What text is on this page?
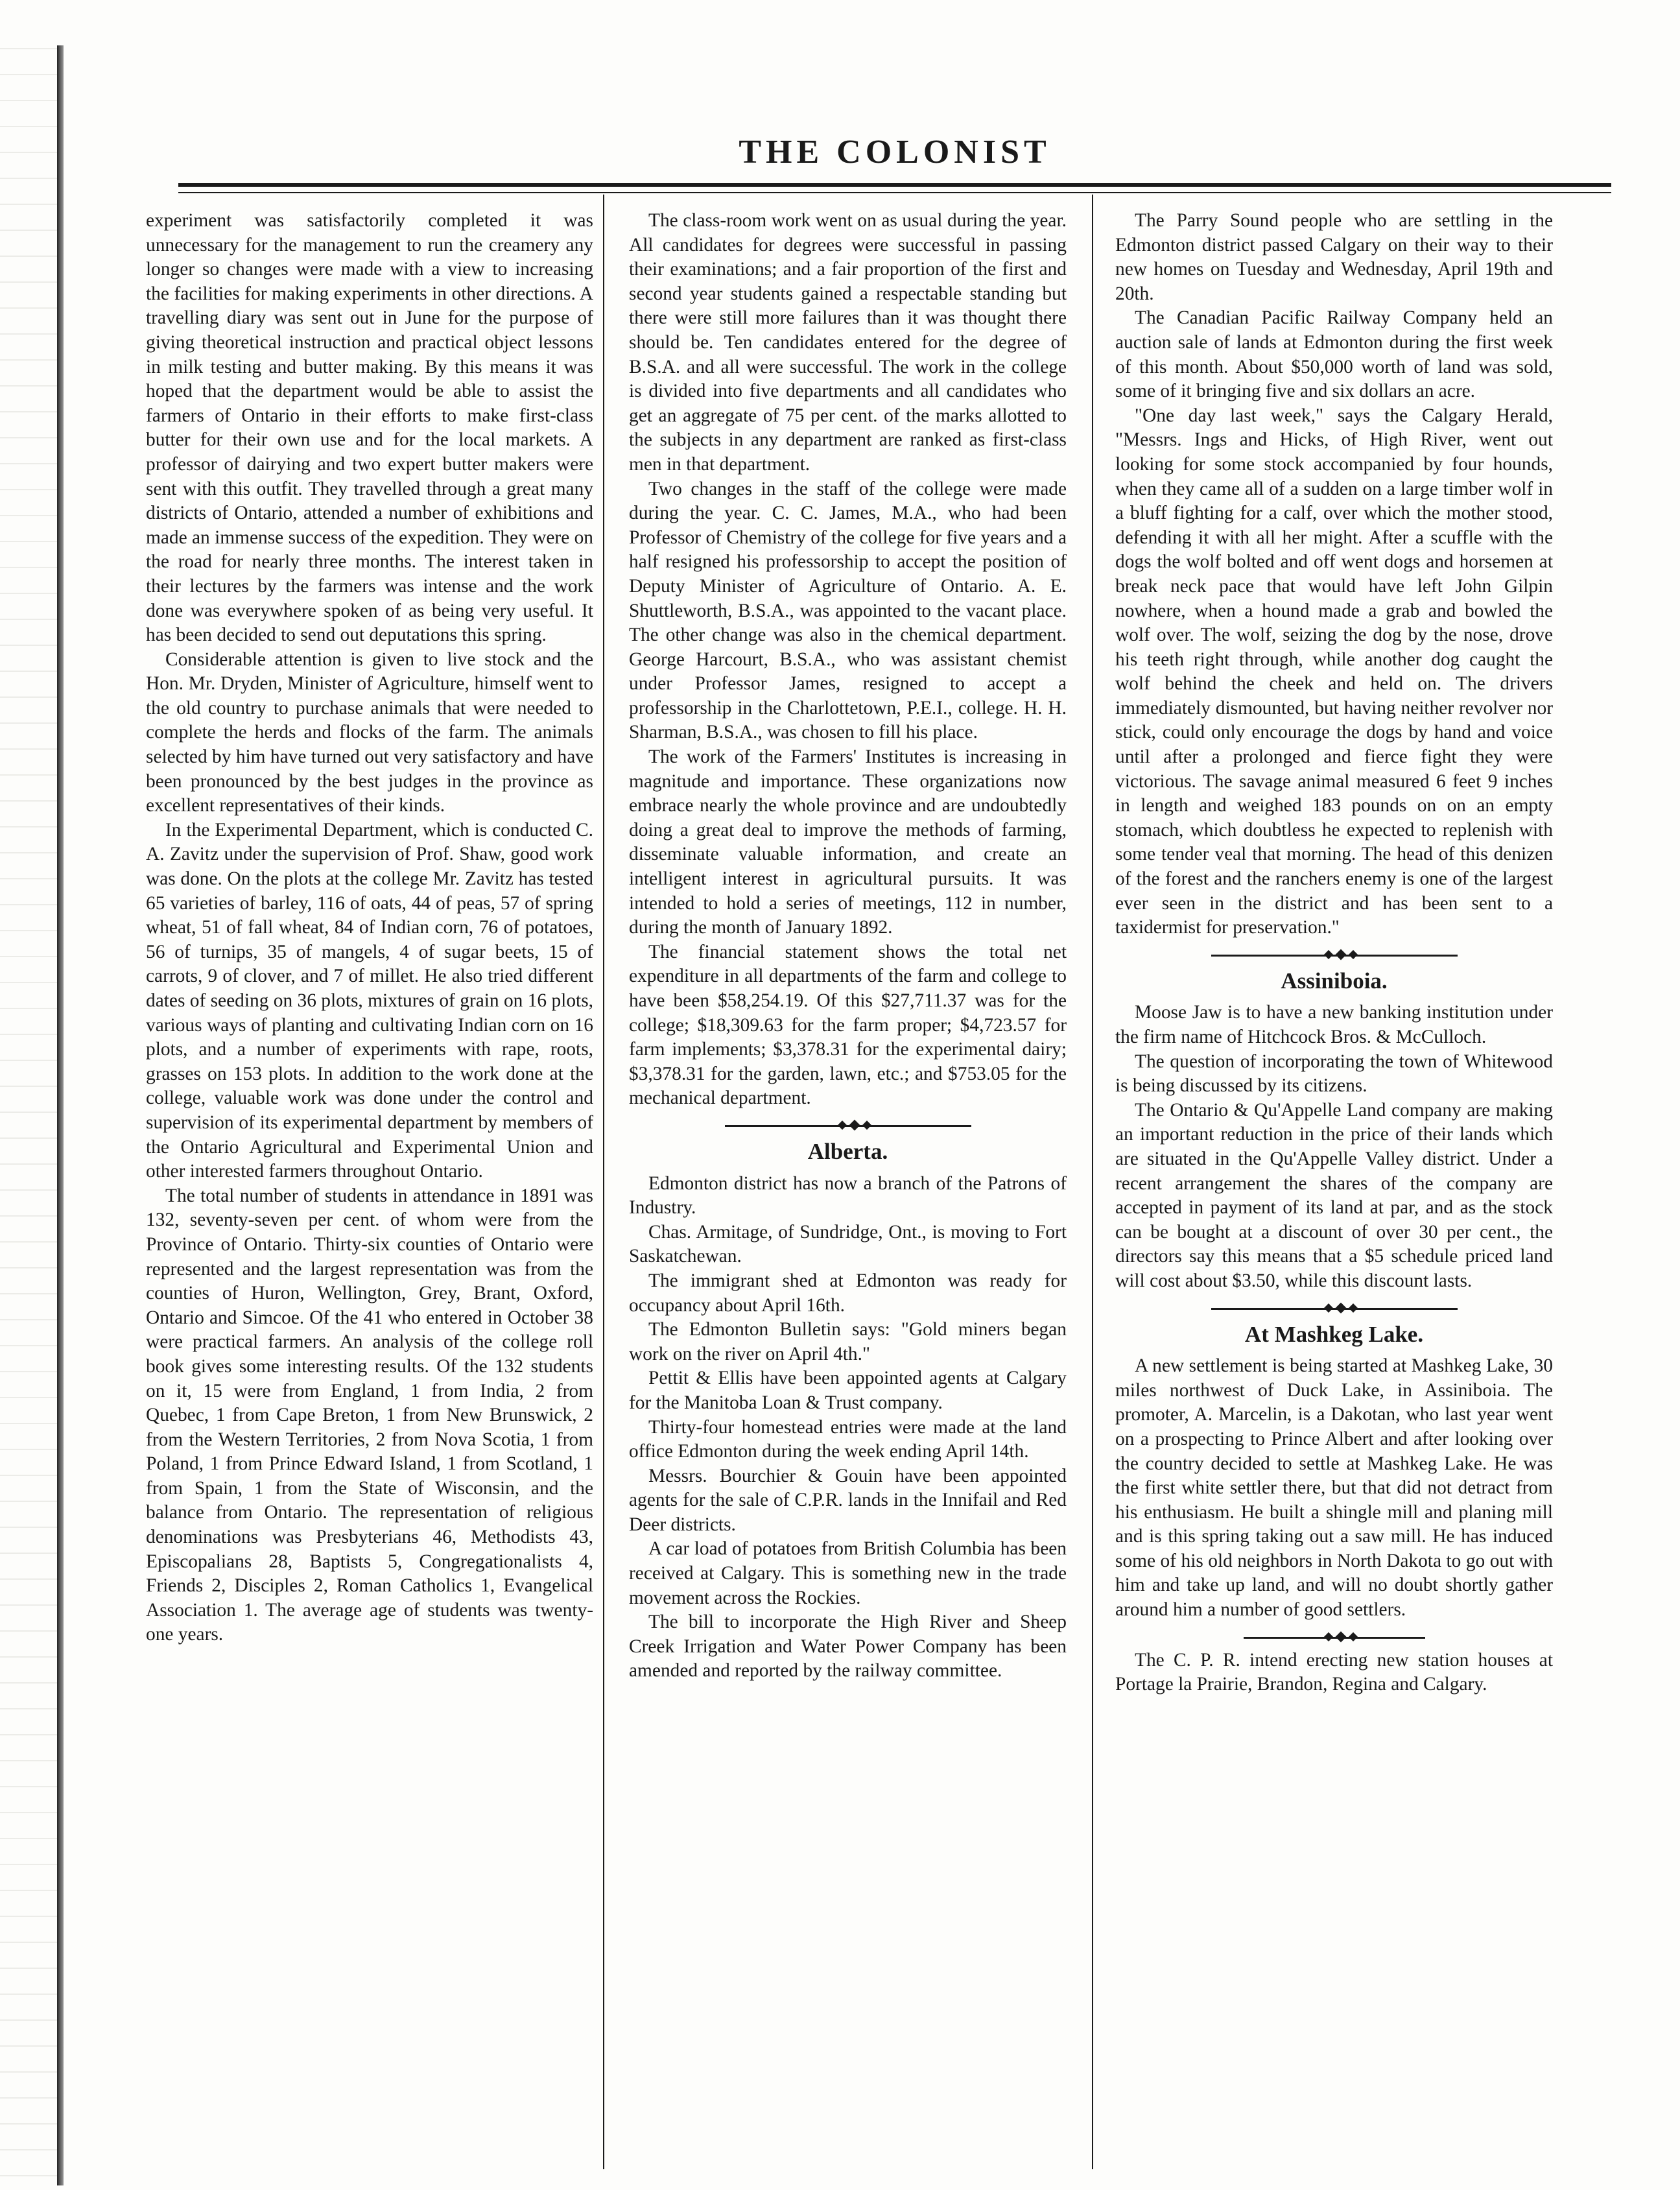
THE COLONIST

experiment was satisfactorily completed it was unnecessary for the management to run the creamery any longer so changes were made with a view to increasing the facilities for making experiments in other directions. A travelling diary was sent out in June for the purpose of giving theoretical instruction and practical object lessons in milk testing and butter making. By this means it was hoped that the department would be able to assist the farmers of Ontario in their efforts to make first-class butter for their own use and for the local markets. A professor of dairying and two expert butter makers were sent with this outfit. They travelled through a great many districts of Ontario, attended a number of exhibitions and made an immense success of the expedition. They were on the road for nearly three months. The interest taken in their lectures by the farmers was intense and the work done was everywhere spoken of as being very useful. It has been decided to send out deputations this spring.

Considerable attention is given to live stock and the Hon. Mr. Dryden, Minister of Agriculture, himself went to the old country to purchase animals that were needed to complete the herds and flocks of the farm. The animals selected by him have turned out very satisfactory and have been pronounced by the best judges in the province as excellent representatives of their kinds.

In the Experimental Department, which is conducted C. A. Zavitz under the supervision of Prof. Shaw, good work was done. On the plots at the college Mr. Zavitz has tested 65 varieties of barley, 116 of oats, 44 of peas, 57 of spring wheat, 51 of fall wheat, 84 of Indian corn, 76 of potatoes, 56 of turnips, 35 of mangels, 4 of sugar beets, 15 of carrots, 9 of clover, and 7 of millet. He also tried different dates of seeding on 36 plots, mixtures of grain on 16 plots, various ways of planting and cultivating Indian corn on 16 plots, and a number of experiments with rape, roots, grasses on 153 plots. In addition to the work done at the college, valuable work was done under the control and supervision of its experimental department by members of the Ontario Agricultural and Experimental Union and other interested farmers throughout Ontario.

The total number of students in attendance in 1891 was 132, seventy-seven per cent. of whom were from the Province of Ontario. Thirty-six counties of Ontario were represented and the largest representation was from the counties of Huron, Wellington, Grey, Brant, Oxford, Ontario and Simcoe. Of the 41 who entered in October 38 were practical farmers. An analysis of the college roll book gives some interesting results. Of the 132 students on it, 15 were from England, 1 from India, 2 from Quebec, 1 from Cape Breton, 1 from New Brunswick, 2 from the Western Territories, 2 from Nova Scotia, 1 from Poland, 1 from Prince Edward Island, 1 from Scotland, 1 from Spain, 1 from the State of Wisconsin, and the balance from Ontario. The representation of religious denominations was Presbyterians 46, Methodists 43, Episcopalians 28, Baptists 5, Congregationalists 4, Friends 2, Disciples 2, Roman Catholics 1, Evangelical Association 1. The average age of students was twenty-one years.

The class-room work went on as usual during the year. All candidates for degrees were successful in passing their examinations; and a fair proportion of the first and second year students gained a respectable standing but there were still more failures than it was thought there should be. Ten candidates entered for the degree of B.S.A. and all were successful. The work in the college is divided into five departments and all candidates who get an aggregate of 75 per cent. of the marks allotted to the subjects in any department are ranked as first-class men in that department.

Two changes in the staff of the college were made during the year. C. C. James, M.A., who had been Professor of Chemistry of the college for five years and a half resigned his professorship to accept the position of Deputy Minister of Agriculture of Ontario. A. E. Shuttleworth, B.S.A., was appointed to the vacant place. The other change was also in the chemical department. George Harcourt, B.S.A., who was assistant chemist under Professor James, resigned to accept a professorship in the Charlottetown, P.E.I., college. H. H. Sharman, B.S.A., was chosen to fill his place.

The work of the Farmers' Institutes is increasing in magnitude and importance. These organizations now embrace nearly the whole province and are undoubtedly doing a great deal to improve the methods of farming, disseminate valuable information, and create an intelligent interest in agricultural pursuits. It was intended to hold a series of meetings, 112 in number, during the month of January 1892.

The financial statement shows the total net expenditure in all departments of the farm and college to have been $58,254.19. Of this $27,711.37 was for the college; $18,309.63 for the farm proper; $4,723.57 for farm implements; $3,378.31 for the experimental dairy; $3,378.31 for the garden, lawn, etc.; and $753.05 for the mechanical department.

Alberta.

Edmonton district has now a branch of the Patrons of Industry.

Chas. Armitage, of Sundridge, Ont., is moving to Fort Saskatchewan.

The immigrant shed at Edmonton was ready for occupancy about April 16th.

The Edmonton Bulletin says: "Gold miners began work on the river on April 4th."

Pettit & Ellis have been appointed agents at Calgary for the Manitoba Loan & Trust company.

Thirty-four homestead entries were made at the land office Edmonton during the week ending April 14th.

Messrs. Bourchier & Gouin have been appointed agents for the sale of C.P.R. lands in the Innifail and Red Deer districts.

A car load of potatoes from British Columbia has been received at Calgary. This is something new in the trade movement across the Rockies.

The bill to incorporate the High River and Sheep Creek Irrigation and Water Power Company has been amended and reported by the railway committee.

The Parry Sound people who are settling in the Edmonton district passed Calgary on their way to their new homes on Tuesday and Wednesday, April 19th and 20th.

The Canadian Pacific Railway Company held an auction sale of lands at Edmonton during the first week of this month. About $50,000 worth of land was sold, some of it bringing five and six dollars an acre.

"One day last week," says the Calgary Herald, "Messrs. Ings and Hicks, of High River, went out looking for some stock accompanied by four hounds, when they came all of a sudden on a large timber wolf in a bluff fighting for a calf, over which the mother stood, defending it with all her might. After a scuffle with the dogs the wolf bolted and off went dogs and horsemen at break neck pace that would have left John Gilpin nowhere, when a hound made a grab and bowled the wolf over. The wolf, seizing the dog by the nose, drove his teeth right through, while another dog caught the wolf behind the cheek and held on. The drivers immediately dismounted, but having neither revolver nor stick, could only encourage the dogs by hand and voice until after a prolonged and fierce fight they were victorious. The savage animal measured 6 feet 9 inches in length and weighed 183 pounds on on an empty stomach, which doubtless he expected to replenish with some tender veal that morning. The head of this denizen of the forest and the ranchers enemy is one of the largest ever seen in the district and has been sent to a taxidermist for preservation."

Assiniboia.

Moose Jaw is to have a new banking institution under the firm name of Hitchcock Bros. & McCulloch.

The question of incorporating the town of Whitewood is being discussed by its citizens.

The Ontario & Qu'Appelle Land company are making an important reduction in the price of their lands which are situated in the Qu'Appelle Valley district. Under a recent arrangement the shares of the company are accepted in payment of its land at par, and as the stock can be bought at a discount of over 30 per cent., the directors say this means that a $5 schedule priced land will cost about $3.50, while this discount lasts.

At Mashkeg Lake.

A new settlement is being started at Mashkeg Lake, 30 miles northwest of Duck Lake, in Assiniboia. The promoter, A. Marcelin, is a Dakotan, who last year went on a prospecting to Prince Albert and after looking over the country decided to settle at Mashkeg Lake. He was the first white settler there, but that did not detract from his enthusiasm. He built a shingle mill and planing mill and is this spring taking out a saw mill. He has induced some of his old neighbors in North Dakota to go out with him and take up land, and will no doubt shortly gather around him a number of good settlers.

The C. P. R. intend erecting new station houses at Portage la Prairie, Brandon, Regina and Calgary.
